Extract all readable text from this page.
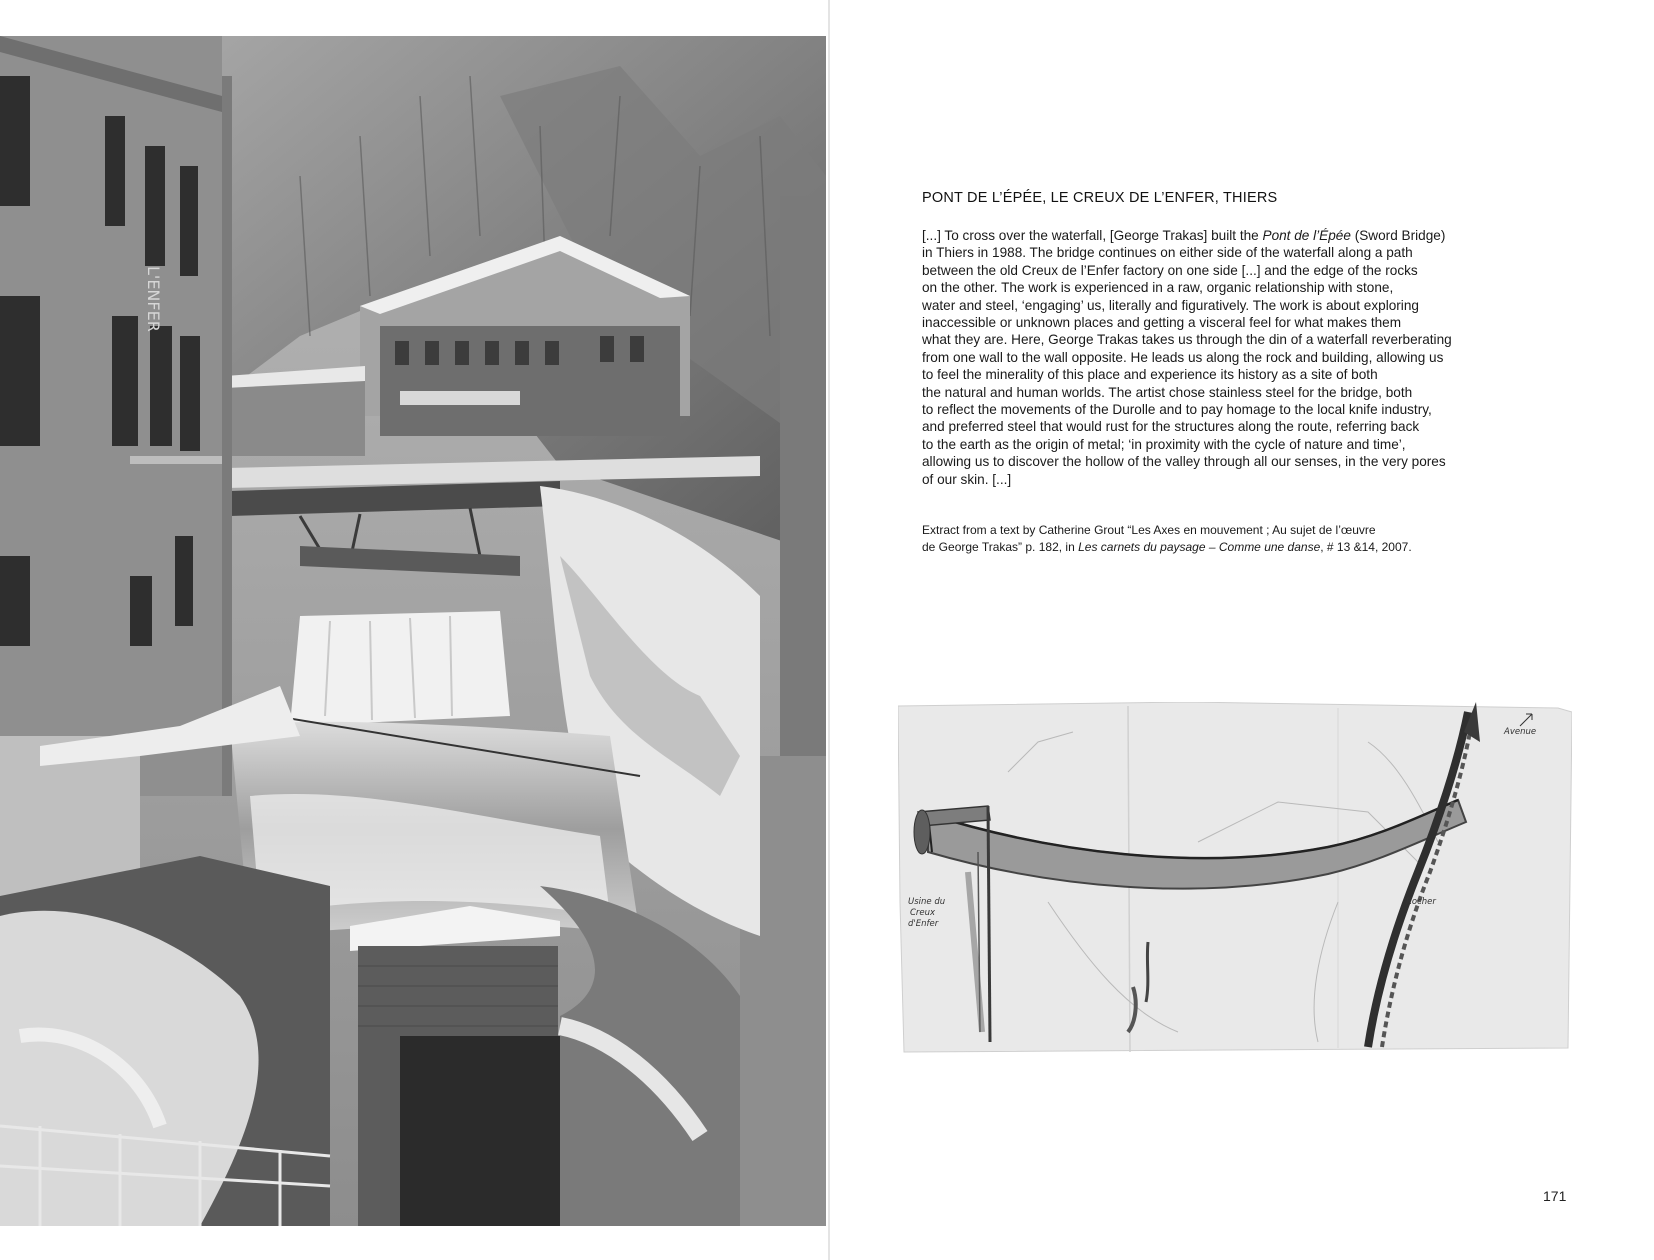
L'ENFER
PONT DE L’ÉPÉE, LE CREUX DE L’ENFER, THIERS
[...] To cross over the waterfall, [George Trakas] built the Pont de l’Épée (Sword Bridge)
in Thiers in 1988. The bridge continues on either side of the waterfall along a path
between the old Creux de l’Enfer factory on one side [...] and the edge of the rocks
on the other. The work is experienced in a raw, organic relationship with stone,
water and steel, ‘engaging’ us, literally and figuratively. The work is about exploring
inaccessible or unknown places and getting a visceral feel for what makes them
what they are. Here, George Trakas takes us through the din of a waterfall reverberating
from one wall to the wall opposite. He leads us along the rock and building, allowing us
to feel the minerality of this place and experience its history as a site of both
the natural and human worlds. The artist chose stainless steel for the bridge, both
to reflect the movements of the Durolle and to pay homage to the local knife industry,
and preferred steel that would rust for the structures along the route, referring back
to the earth as the origin of metal; ‘in proximity with the cycle of nature and time’,
allowing us to discover the hollow of the valley through all our senses, in the very pores
of our skin. [...]
Extract from a text by Catherine Grout “Les Axes en mouvement ; Au sujet de l’œuvre
de George Trakas” p. 182, in Les carnets du paysage – Comme une danse, # 13 &14, 2007.
Avenue
Usine du
Creux
d'Enfer
Rocher
171
